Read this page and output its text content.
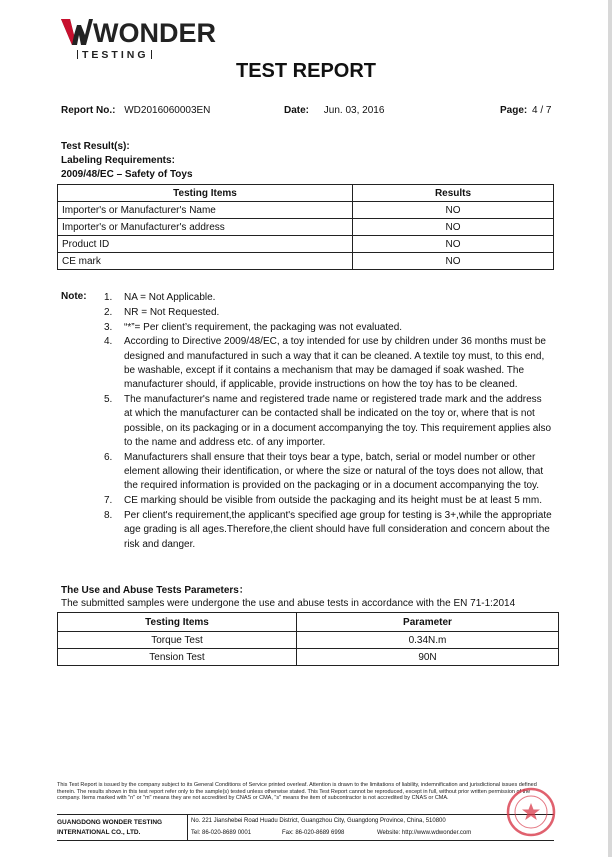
WONDER
TESTING
TEST REPORT
Report No.: WD2016060003EN	Date: Jun. 03, 2016	Page: 4 / 7
Test Result(s):
Labeling Requirements:
2009/48/EC – Safety of Toys
Testing Items	Results
Importer's or Manufacturer's Name	NO
Importer's or Manufacturer's address	NO
Product ID	NO
CE mark	NO
Note: 1.	NA = Not Applicable.
2.	NR = Not Requested.
3.	“*”= Per client’s requirement, the packaging was not evaluated.
4.	According to Directive 2009/48/EC, a toy intended for use by children under 36 months must be designed and manufactured in such a way that it can be cleaned. A textile toy must, to this end, be washable, except if it contains a mechanism that may be damaged if soak washed. The manufacturer should, if applicable, provide instructions on how the toy has to be cleaned.
5.	The manufacturer's name and registered trade name or registered trade mark and the address at which the manufacturer can be contacted shall be indicated on the toy or, where that is not possible, on its packaging or in a document accompanying the toy. This requirement applies also to the name and address etc. of any importer.
6.	Manufacturers shall ensure that their toys bear a type, batch, serial or model number or other element allowing their identification, or where the size or natural of the toys does not allow, that the required information is provided on the packaging or in a document accompanying the toy.
7.	CE marking should be visible from outside the packaging and its height must be at least 5 mm.
8.	Per client's requirement,the applicant's specified age group for testing is 3+,while the appropriate age grading is all ages.Therefore,the client should have full consideration and concern about the risk and danger.
The Use and Abuse Tests Parameters：
The submitted samples were undergone the use and abuse tests in accordance with the EN 71-1:2014
Testing Items	Parameter
Torque Test	0.34N.m
Tension Test	90N
This Test Report is issued by the company subject to its General Conditions of Service printed overleaf. Attention is drawn to the limitations of liability, indemnification and jurisdictional issues defined therein. The results shown in this test report refer only to the sample(s) tested unless otherwise stated. This Test Report cannot be reproduced, except in full, without prior written permission of the company. Items marked with "n" or "m" means they are not accredited by CNAS or CMA, "s" means the item of subcontractor is not accredited by CNAS or CMA.
GUANGDONG WONDER TESTING
INTERNATIONAL CO., LTD.
No. 221 Jianshebei Road Huadu District, Guangzhou City, Guangdong Province, China, 510800
Tel: 86-020-8689 0001	Fax: 86-020-8689 6998	Website: http://www.wdwonder.com
